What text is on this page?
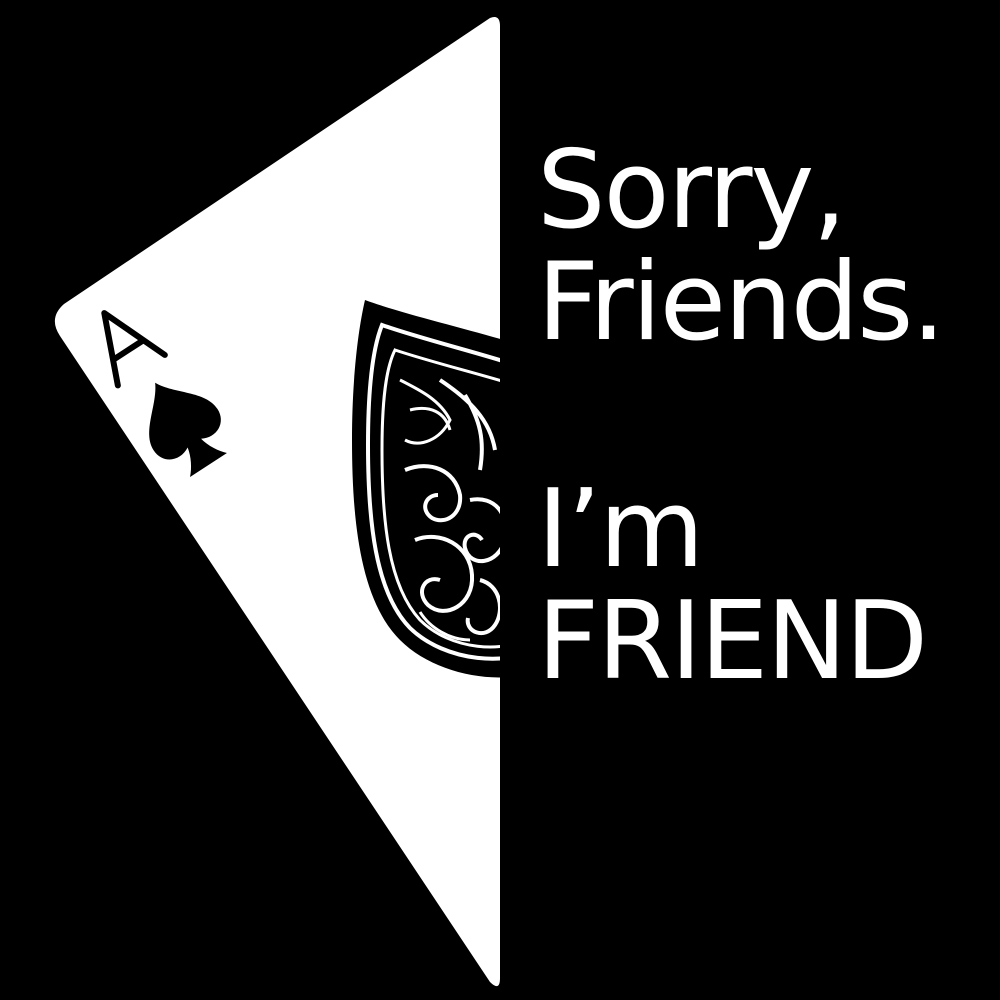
Sorry,
Friends.
I’m
FRIEND
